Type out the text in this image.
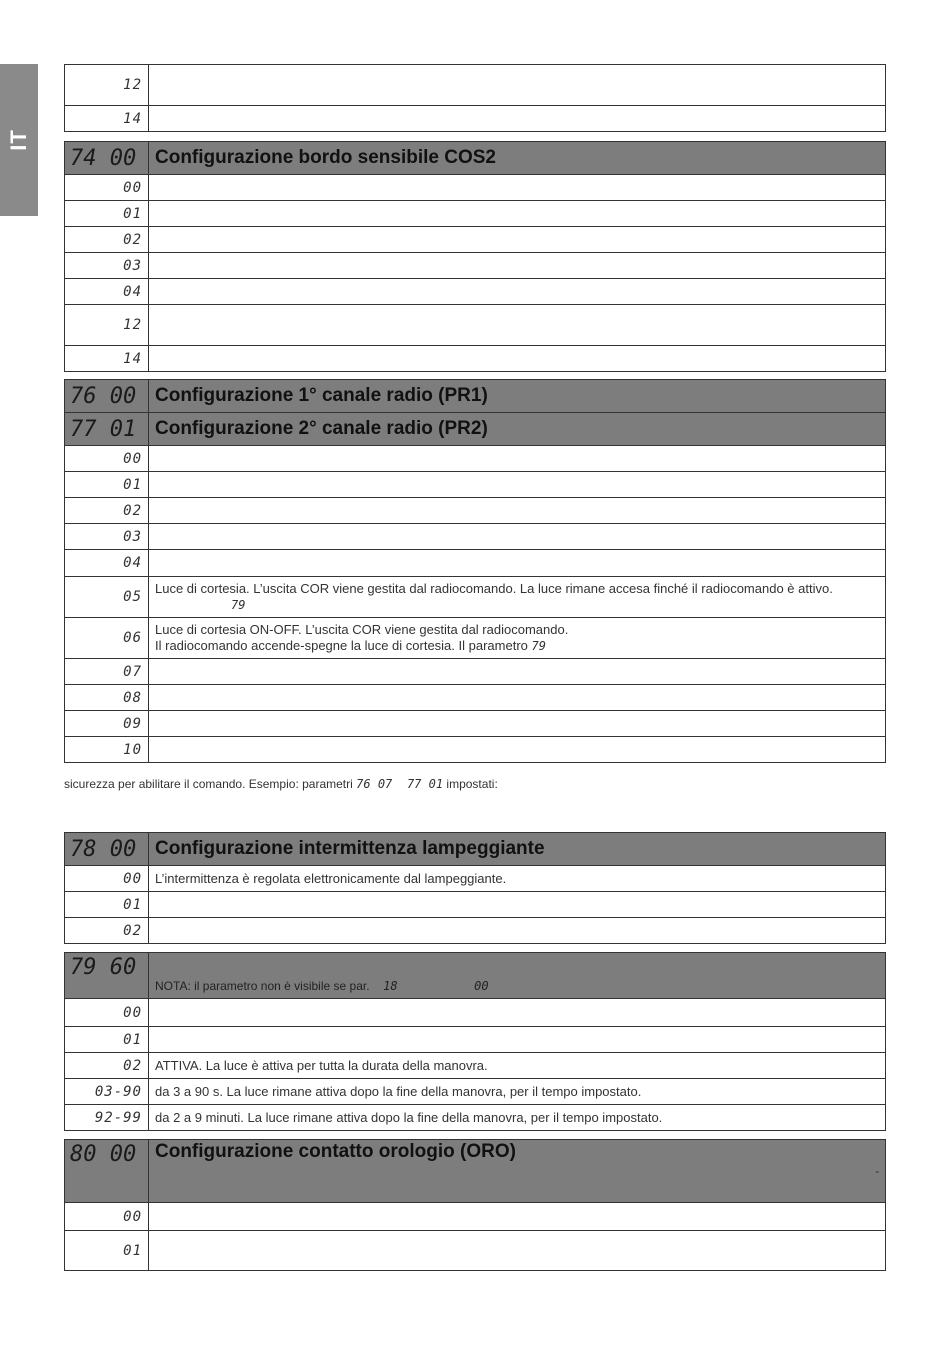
IT
12	
14	
74 00	Configurazione bordo sensibile COS2
00	
01	
02	
03	
04	
12	
14	
76 00	Configurazione 1° canale radio (PR1)
77 01	Configurazione 2° canale radio (PR2)
00	
01	
02	
03	
04	
05	Luce di cortesia. L’uscita COR viene gestita dal radiocomando. La luce rimane accesa finché il radiocomando è attivo.
79

06	Luce di cortesia ON-OFF. L’uscita COR viene gestita dal radiocomando.
Il radiocomando accende-spegne la luce di cortesia. Il parametro 79

07	
08	
09	
10	
sicurezza per abilitare il comando. Esempio: parametri 76 07 77 01 impostati:
78 00	Configurazione intermittenza lampeggiante
00	L’intermittenza è regolata elettronicamente dal lampeggiante.
01	
02	
79 60	NOTA: il parametro non è visibile se par. 18 00
00	
01	
02	ATTIVA. La luce è attiva per tutta la durata della manovra.
03-90	da 3 a 90 s. La luce rimane attiva dopo la fine della manovra, per il tempo impostato.
92-99	da 2 a 9 minuti. La luce rimane attiva dopo la fine della manovra, per il tempo impostato.
80 00	Configurazione contatto orologio (ORO)
-

00	
01	
